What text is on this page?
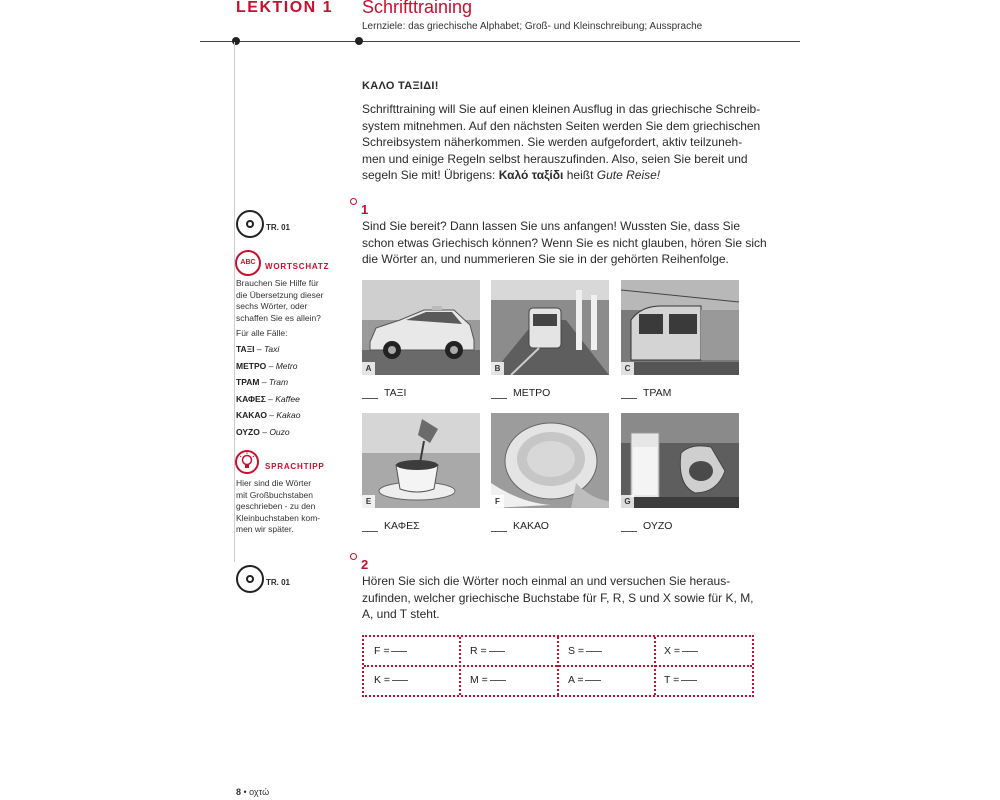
LEKTION 1 Schrifttraining
Lernziele: das griechische Alphabet; Groß- und Kleinschreibung; Aussprache
ΚΑΛΟ ΤΑΞΙΔΙ!
Schrifttraining will Sie auf einen kleinen Ausflug in das griechische Schreib-
system mitnehmen. Auf den nächsten Seiten werden Sie dem griechischen
Schreibsystem näherkommen. Sie werden aufgefordert, aktiv teilzuneh-
men und einige Regeln selbst herauszufinden. Also, seien Sie bereit und
segeln Sie mit! Übrigens: Καλό ταξίδι heißt Gute Reise!
1
Sind Sie bereit? Dann lassen Sie uns anfangen! Wussten Sie, dass Sie
schon etwas Griechisch können? Wenn Sie es nicht glauben, hören Sie sich
die Wörter an, und nummerieren Sie sie in der gehörten Reihenfolge.
A	B	C
ΤΑΞΙ	ΜΕΤΡΟ	ΤΡΑΜ
E	F	G
ΚΑΦΕΣ	ΚΑΚΑΟ	ΟΥΖΟ
2
Hören Sie sich die Wörter noch einmal an und versuchen Sie heraus-
zufinden, welcher griechische Buchstabe für F, R, S und X sowie für K, M,
A, und T steht.
F =	R =	S =	X =
K =	M =	A =	T =
TR. 01
ABC	WORTSCHATZ
Brauchen Sie Hilfe für
die Übersetzung dieser
sechs Wörter, oder
schaffen Sie es allein?
Für alle Fälle:
ΤΑΞΙ – Taxi
ΜΕΤΡΟ – Metro
ΤΡΑΜ – Tram
ΚΑΦΕΣ – Kaffee
ΚΑΚΑΟ – Kakao
ΟΥΖΟ – Ouzo
SPRACHTIPP
Hier sind die Wörter
mit Großbuchstaben
geschrieben - zu den
Kleinbuchstaben kom-
men wir später.
TR. 01
8 • οχτώ
